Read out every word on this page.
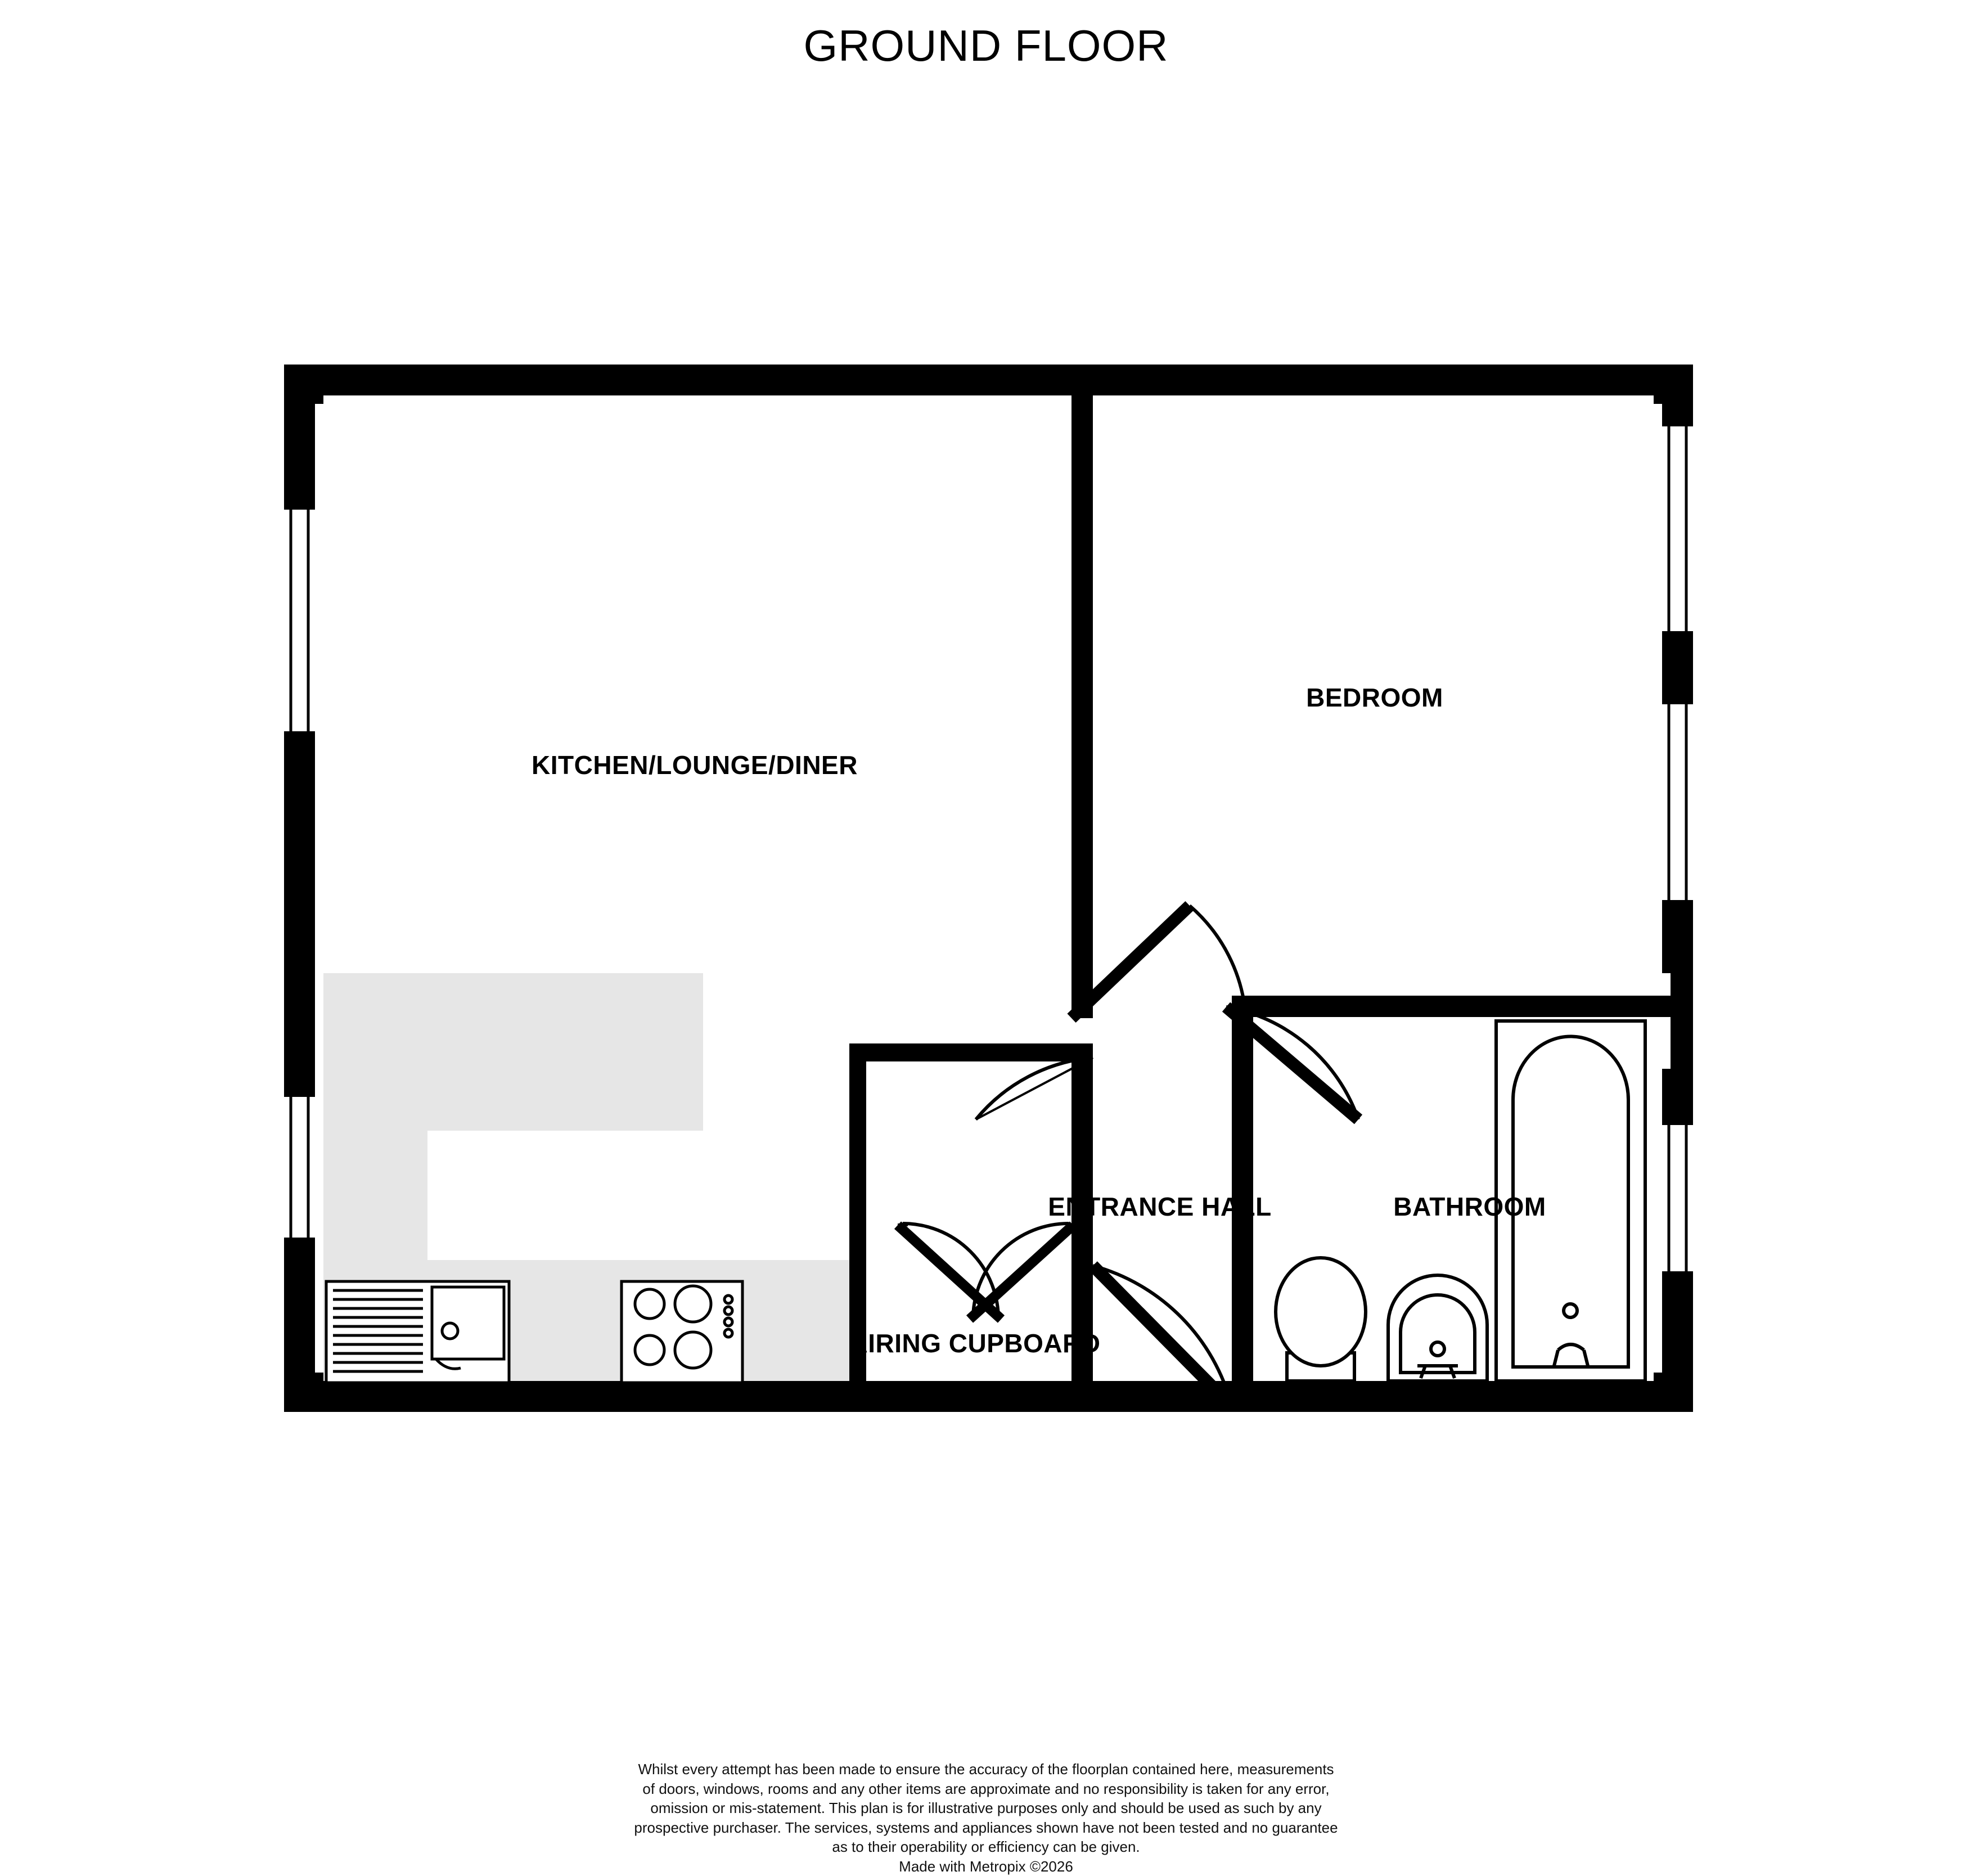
GROUND FLOOR
KITCHEN/LOUNGE/DINER
BEDROOM
ENTRANCE HALL	BATHROOM
AIRING CUPBOARD
Whilst every attempt has been made to ensure the accuracy of the floorplan contained here, measurements
of doors, windows, rooms and any other items are approximate and no responsibility is taken for any error,
omission or mis-statement. This plan is for illustrative purposes only and should be used as such by any
prospective purchaser. The services, systems and appliances shown have not been tested and no guarantee
as to their operability or efficiency can be given.
Made with Metropix ©2026
